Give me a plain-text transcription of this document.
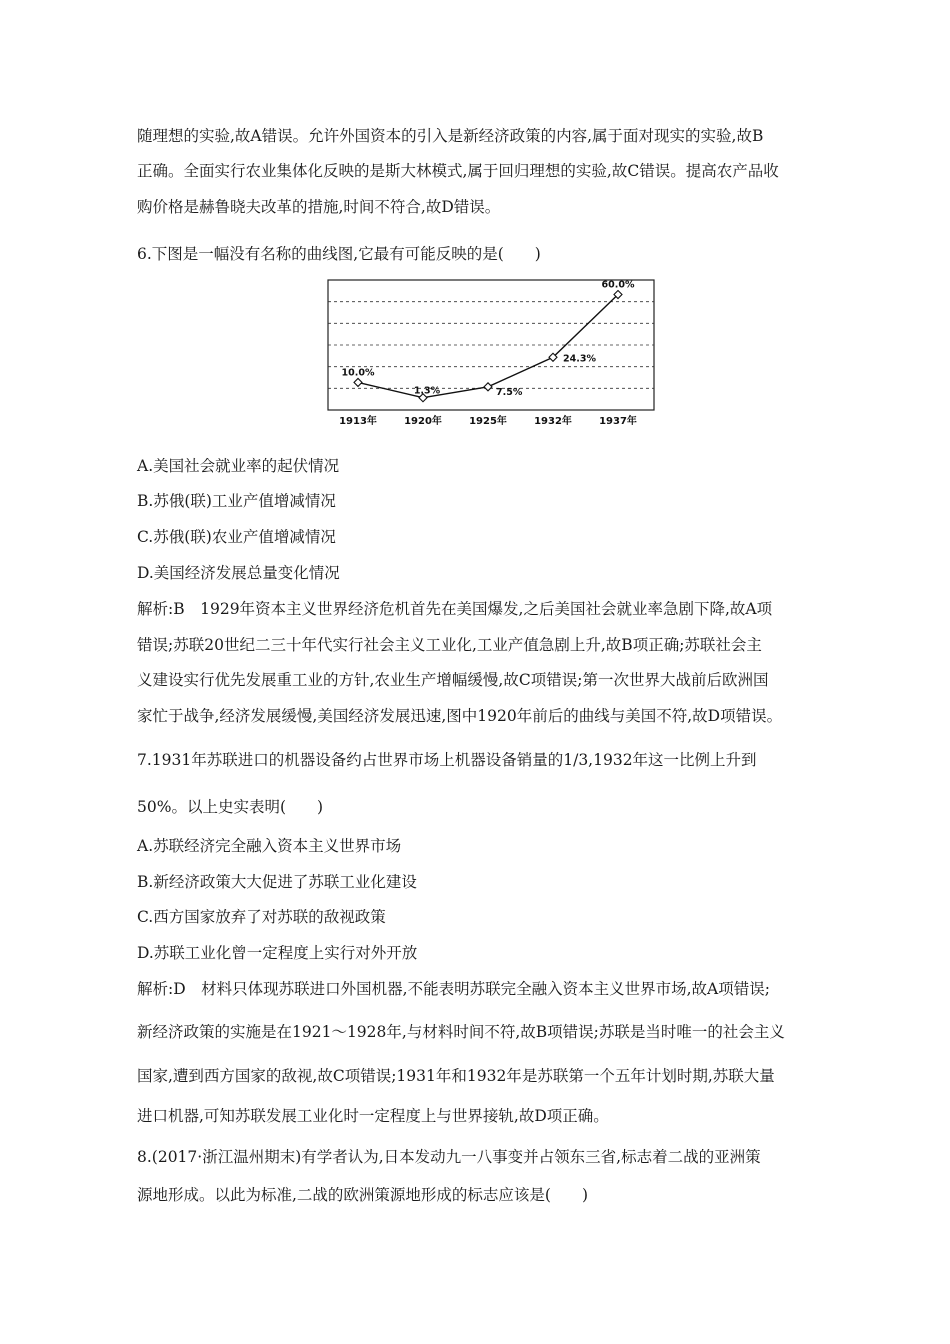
随理想的实验,故A错误。允许外国资本的引入是新经济政策的内容,属于面对现实的实验,故B
正确。全面实行农业集体化反映的是斯大林模式,属于回归理想的实验,故C错误。提高农产品收
购价格是赫鲁晓夫改革的措施,时间不符合,故D错误。
6.下图是一幅没有名称的曲线图,它最有可能反映的是(　　)
1913年	1920年	1925年	1932年	1937年
10.0%
1.3%	7.5%
24.3%
60.0%
A.美国社会就业率的起伏情况
B.苏俄(联)工业产值增减情况
C.苏俄(联)农业产值增减情况
D.美国经济发展总量变化情况
解析:B　1929年资本主义世界经济危机首先在美国爆发,之后美国社会就业率急剧下降,故A项
错误;苏联20世纪二三十年代实行社会主义工业化,工业产值急剧上升,故B项正确;苏联社会主
义建设实行优先发展重工业的方针,农业生产增幅缓慢,故C项错误;第一次世界大战前后欧洲国
家忙于战争,经济发展缓慢,美国经济发展迅速,图中1920年前后的曲线与美国不符,故D项错误。
7.1931年苏联进口的机器设备约占世界市场上机器设备销量的1/3,1932年这一比例上升到
50%。以上史实表明(　　)
A.苏联经济完全融入资本主义世界市场
B.新经济政策大大促进了苏联工业化建设
C.西方国家放弃了对苏联的敌视政策
D.苏联工业化曾一定程度上实行对外开放
解析:D　材料只体现苏联进口外国机器,不能表明苏联完全融入资本主义世界市场,故A项错误;
新经济政策的实施是在1921～1928年,与材料时间不符,故B项错误;苏联是当时唯一的社会主义
国家,遭到西方国家的敌视,故C项错误;1931年和1932年是苏联第一个五年计划时期,苏联大量
进口机器,可知苏联发展工业化时一定程度上与世界接轨,故D项正确。
8.(2017·浙江温州期末)有学者认为,日本发动九一八事变并占领东三省,标志着二战的亚洲策
源地形成。以此为标准,二战的欧洲策源地形成的标志应该是(　　)
